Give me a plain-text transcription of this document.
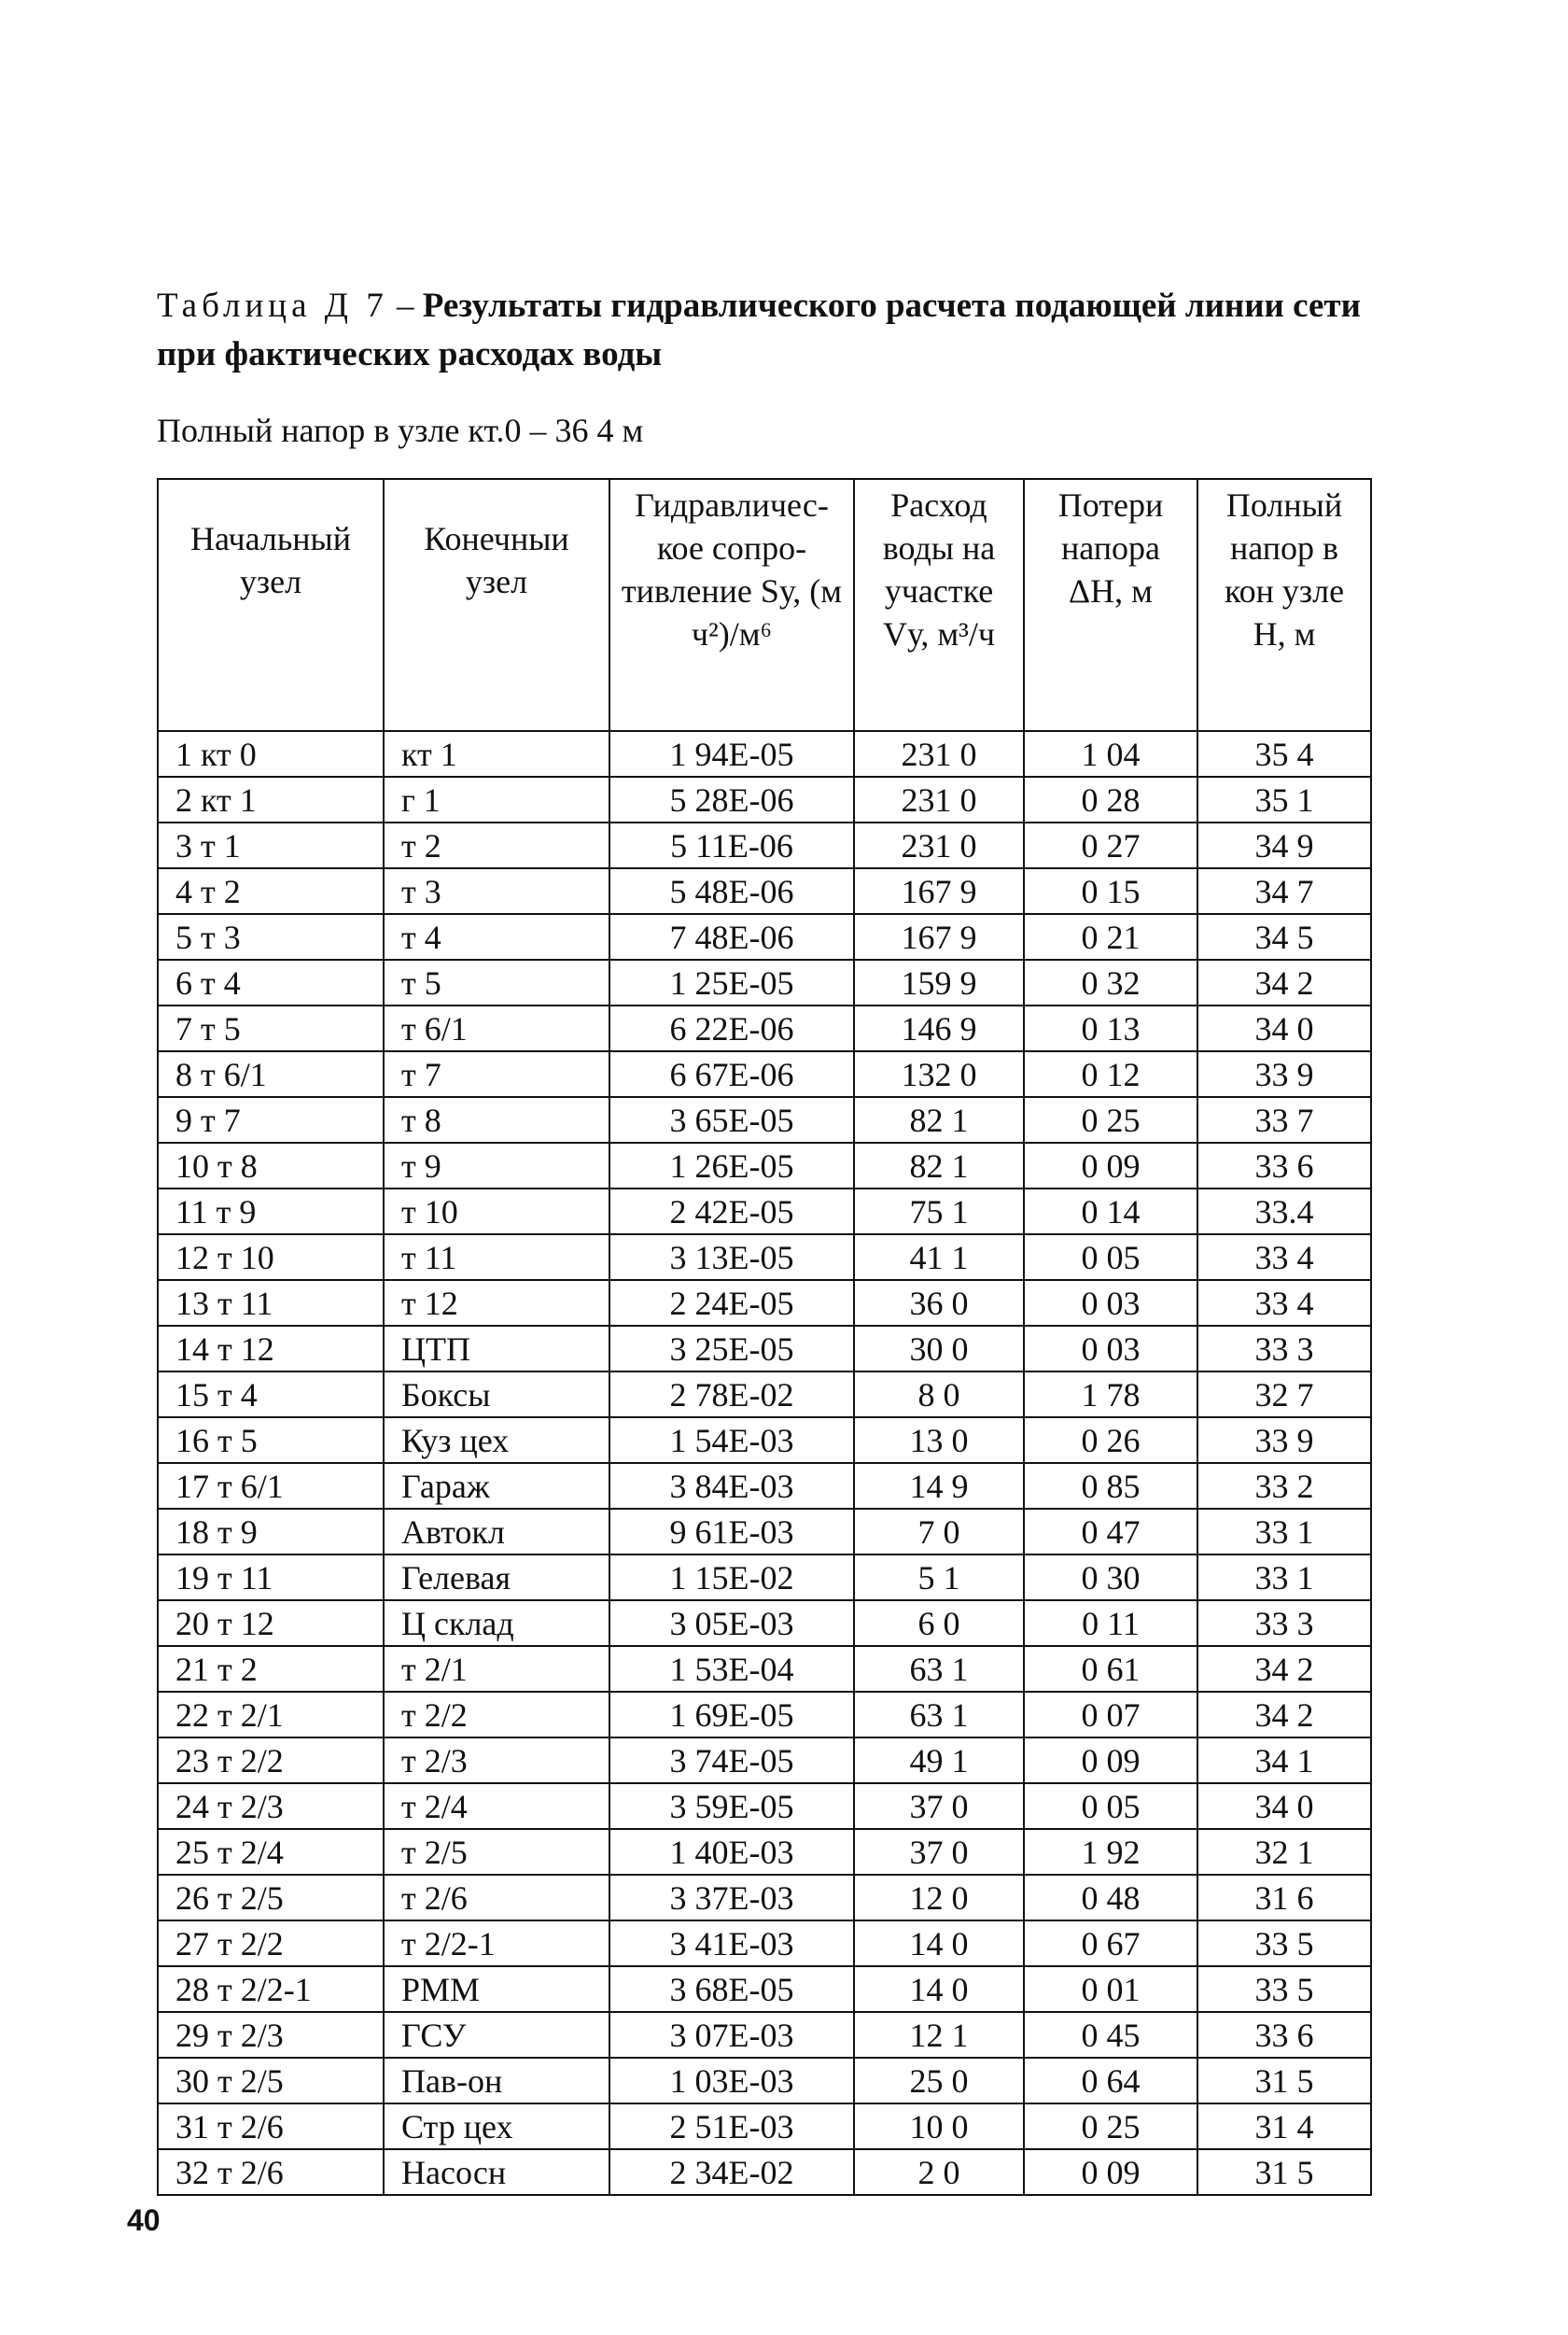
Таблица Д 7 – Результаты гидравлического расчета подающей линии сети при фактических расходах воды
Полный напор в узле кт.0 – 36 4 м
Начальный узел	Конечныи узел	Гидравличес-кое сопро-тивление Sу, (м ч²)/м⁶	Расход воды на участке Vу, м³/ч	Потери напора ΔН, м	Полный напор в кон узле Н, м
1 кт 0	кт 1	1 94Е-05	231 0	1 04	35 4
2 кт 1	г 1	5 28Е-06	231 0	0 28	35 1
3 т 1	т 2	5 11Е-06	231 0	0 27	34 9
4 т 2	т 3	5 48Е-06	167 9	0 15	34 7
5 т 3	т 4	7 48Е-06	167 9	0 21	34 5
6 т 4	т 5	1 25Е-05	159 9	0 32	34 2
7 т 5	т 6/1	6 22Е-06	146 9	0 13	34 0
8 т 6/1	т 7	6 67Е-06	132 0	0 12	33 9
9 т 7	т 8	3 65Е-05	82 1	0 25	33 7
10 т 8	т 9	1 26Е-05	82 1	0 09	33 6
11 т 9	т 10	2 42Е-05	75 1	0 14	33.4
12 т 10	т 11	3 13Е-05	41 1	0 05	33 4
13 т 11	т 12	2 24Е-05	36 0	0 03	33 4
14 т 12	ЦТП	3 25Е-05	30 0	0 03	33 3
15 т 4	Боксы	2 78Е-02	8 0	1 78	32 7
16 т 5	Куз цех	1 54Е-03	13 0	0 26	33 9
17 т 6/1	Гараж	3 84Е-03	14 9	0 85	33 2
18 т 9	Автокл	9 61Е-03	7 0	0 47	33 1
19 т 11	Гелевая	1 15Е-02	5 1	0 30	33 1
20 т 12	Ц склад	3 05Е-03	6 0	0 11	33 3
21 т 2	т 2/1	1 53Е-04	63 1	0 61	34 2
22 т 2/1	т 2/2	1 69Е-05	63 1	0 07	34 2
23 т 2/2	т 2/3	3 74Е-05	49 1	0 09	34 1
24 т 2/3	т 2/4	3 59Е-05	37 0	0 05	34 0
25 т 2/4	т 2/5	1 40Е-03	37 0	1 92	32 1
26 т 2/5	т 2/6	3 37Е-03	12 0	0 48	31 6
27 т 2/2	т 2/2-1	3 41Е-03	14 0	0 67	33 5
28 т 2/2-1	РММ	3 68Е-05	14 0	0 01	33 5
29 т 2/3	ГСУ	3 07Е-03	12 1	0 45	33 6
30 т 2/5	Пав-он	1 03Е-03	25 0	0 64	31 5
31 т 2/6	Стр цех	2 51Е-03	10 0	0 25	31 4
32 т 2/6	Насосн	2 34Е-02	2 0	0 09	31 5
40
